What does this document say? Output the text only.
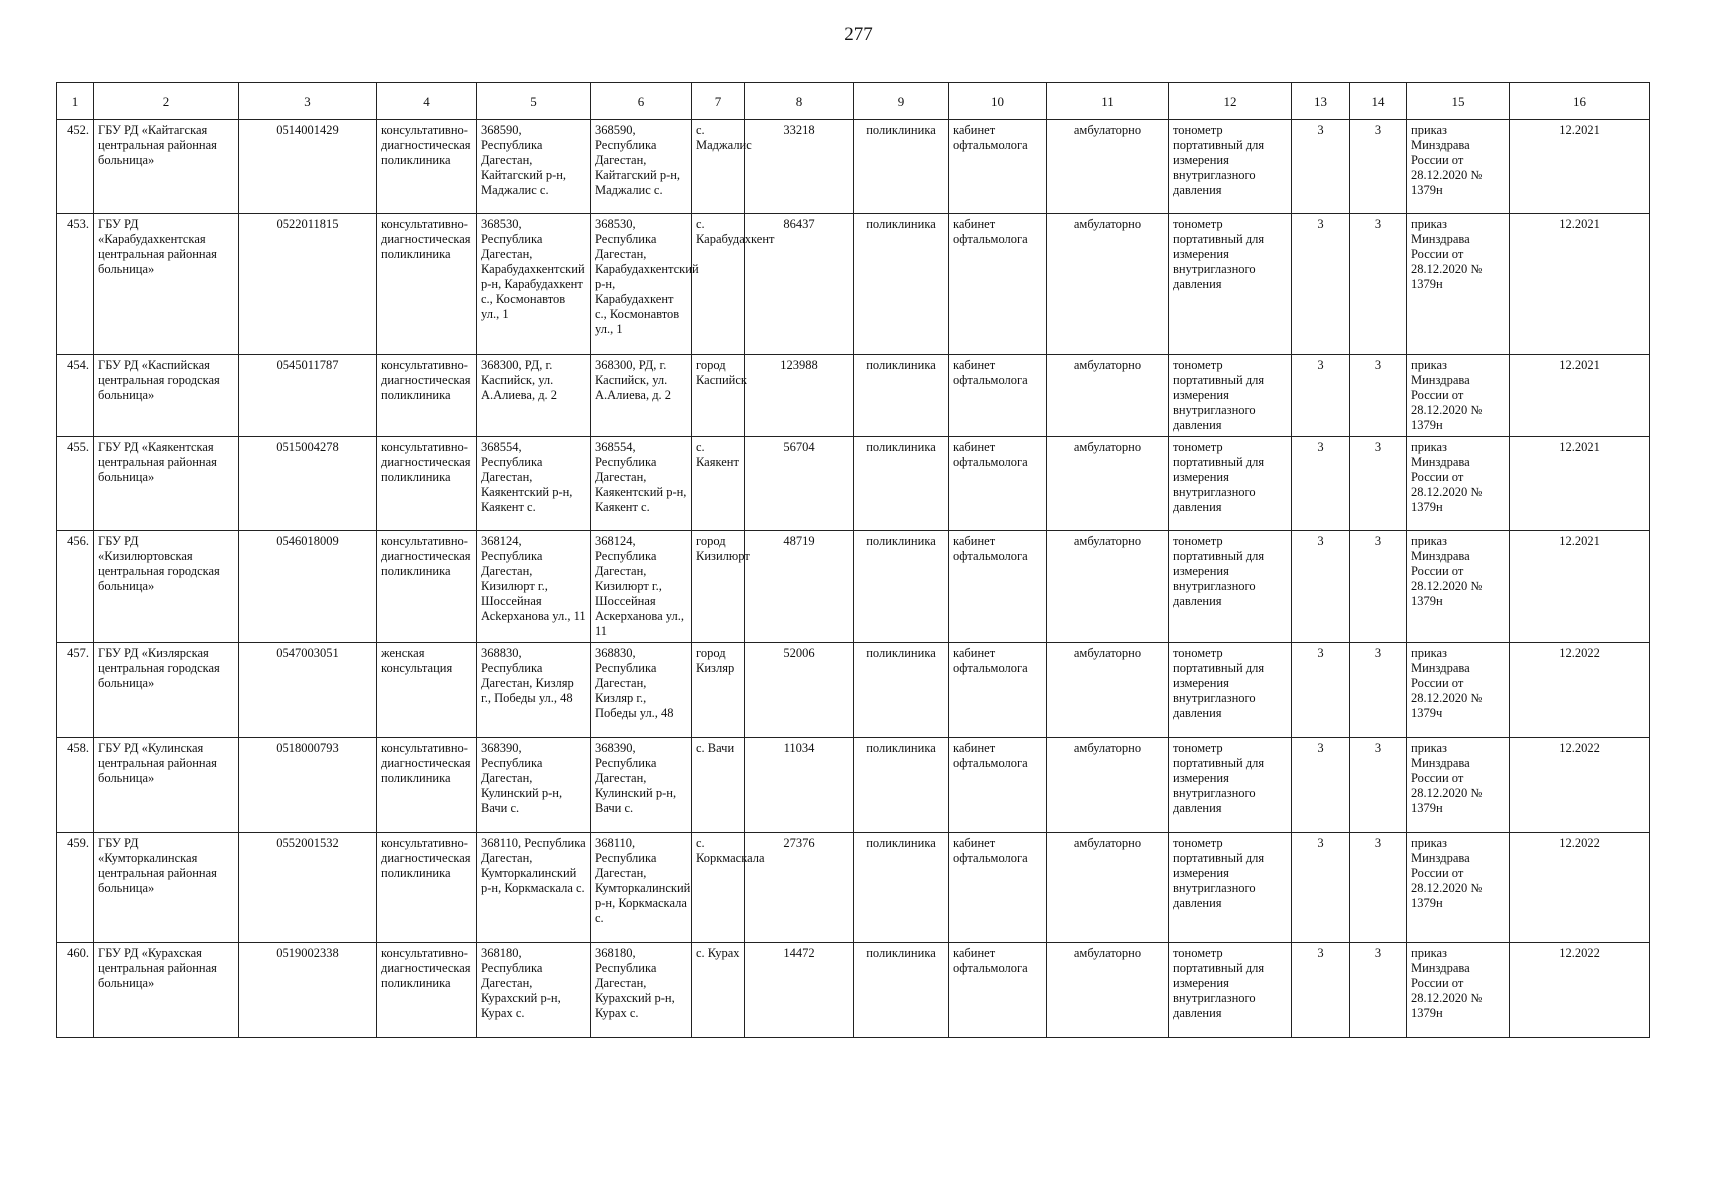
277
1	2	3	4	5	6	7	8	9	10	11	12	13	14	15	16
452.	ГБУ РД «Кайтагская центральная районная больница»	0514001429	консультативно-диагностическая поликлиника	368590, Республика Дагестан, Кайтагский р-н, Маджалис с.	368590, Республика Дагестан, Кайтагский р-н, Маджалис с.	с. Маджалис	33218	поликлиника	кабинет офтальмолога	амбулаторно	тонометр портативный для измерения внутриглазного давления	3	3	приказ Минздрава России от 28.12.2020 № 1379н	12.2021
453.	ГБУ РД «Карабудахкентская центральная районная больница»	0522011815	консультативно-диагностическая поликлиника	368530, Республика Дагестан, Карабудахкентский р-н, Карабудахкент с., Космонавтов ул., 1	368530, Республика Дагестан, Карабудахкентский р-н, Карабудахкент с., Космонавтов ул., 1	с. Карабудахкент	86437	поликлиника	кабинет офтальмолога	амбулаторно	тонометр портативный для измерения внутриглазного давления	3	3	приказ Минздрава России от 28.12.2020 № 1379н	12.2021
454.	ГБУ РД «Каспийская центральная городская больница»	0545011787	консультативно-диагностическая поликлиника	368300, РД, г. Каспийск, ул. А.Алиева, д. 2	368300, РД, г. Каспийск, ул. А.Алиева, д. 2	город Каспийск	123988	поликлиника	кабинет офтальмолога	амбулаторно	тонометр портативный для измерения внутриглазного давления	3	3	приказ Минздрава России от 28.12.2020 № 1379н	12.2021
455.	ГБУ РД «Каякентская центральная районная больница»	0515004278	консультативно-диагностическая поликлиника	368554, Республика Дагестан, Каякентский р-н, Каякент с.	368554, Республика Дагестан, Каякентский р-н, Каякент с.	с. Каякент	56704	поликлиника	кабинет офтальмолога	амбулаторно	тонометр портативный для измерения внутриглазного давления	3	3	приказ Минздрава России от 28.12.2020 № 1379н	12.2021
456.	ГБУ РД «Кизилюртовская центральная городская больница»	0546018009	консультативно-диагностическая поликлиника	368124, Республика Дагестан, Кизилюрт г., Шоссейная Асkерханова ул., 11	368124, Республика Дагестан, Кизилюрт г., Шоссейная Аскерханова ул., 11	город Кизилюрт	48719	поликлиника	кабинет офтальмолога	амбулаторно	тонометр портативный для измерения внутриглазного давления	3	3	приказ Минздрава России от 28.12.2020 № 1379н	12.2021
457.	ГБУ РД «Кизлярская центральная городская больница»	0547003051	женская консультация	368830, Республика Дагестан, Кизляр г., Победы ул., 48	368830, Республика Дагестан, Кизляр г., Победы ул., 48	город Кизляр	52006	поликлиника	кабинет офтальмолога	амбулаторно	тонометр портативный для измерения внутриглазного давления	3	3	приказ Минздрава России от 28.12.2020 № 1379ч	12.2022
458.	ГБУ РД «Кулинская центральная районная больница»	0518000793	консультативно-диагностическая поликлиника	368390, Республика Дагестан, Кулинский р-н, Вачи с.	368390, Республика Дагестан, Кулинский р-н, Вачи с.	с. Вачи	11034	поликлиника	кабинет офтальмолога	амбулаторно	тонометр портативный для измерения внутриглазного давления	3	3	приказ Минздрава России от 28.12.2020 № 1379н	12.2022
459.	ГБУ РД «Кумторкалинская центральная районная больница»	0552001532	консультативно-диагностическая поликлиника	368110, Республика Дагестан, Кумторкалинский р-н, Коркмаскала с.	368110, Республика Дагестан, Кумторкалинский р-н, Коркмаскала с.	с. Коркмаскала	27376	поликлиника	кабинет офтальмолога	амбулаторно	тонометр портативный для измерения внутриглазного давления	3	3	приказ Минздрава России от 28.12.2020 № 1379н	12.2022
460.	ГБУ РД «Курахская центральная районная больница»	0519002338	консультативно-диагностическая поликлиника	368180, Республика Дагестан, Курахский р-н, Курах с.	368180, Республика Дагестан, Курахский р-н, Курах с.	с. Курах	14472	поликлиника	кабинет офтальмолога	амбулаторно	тонометр портативный для измерения внутриглазного давления	3	3	приказ Минздрава России от 28.12.2020 № 1379н	12.2022
